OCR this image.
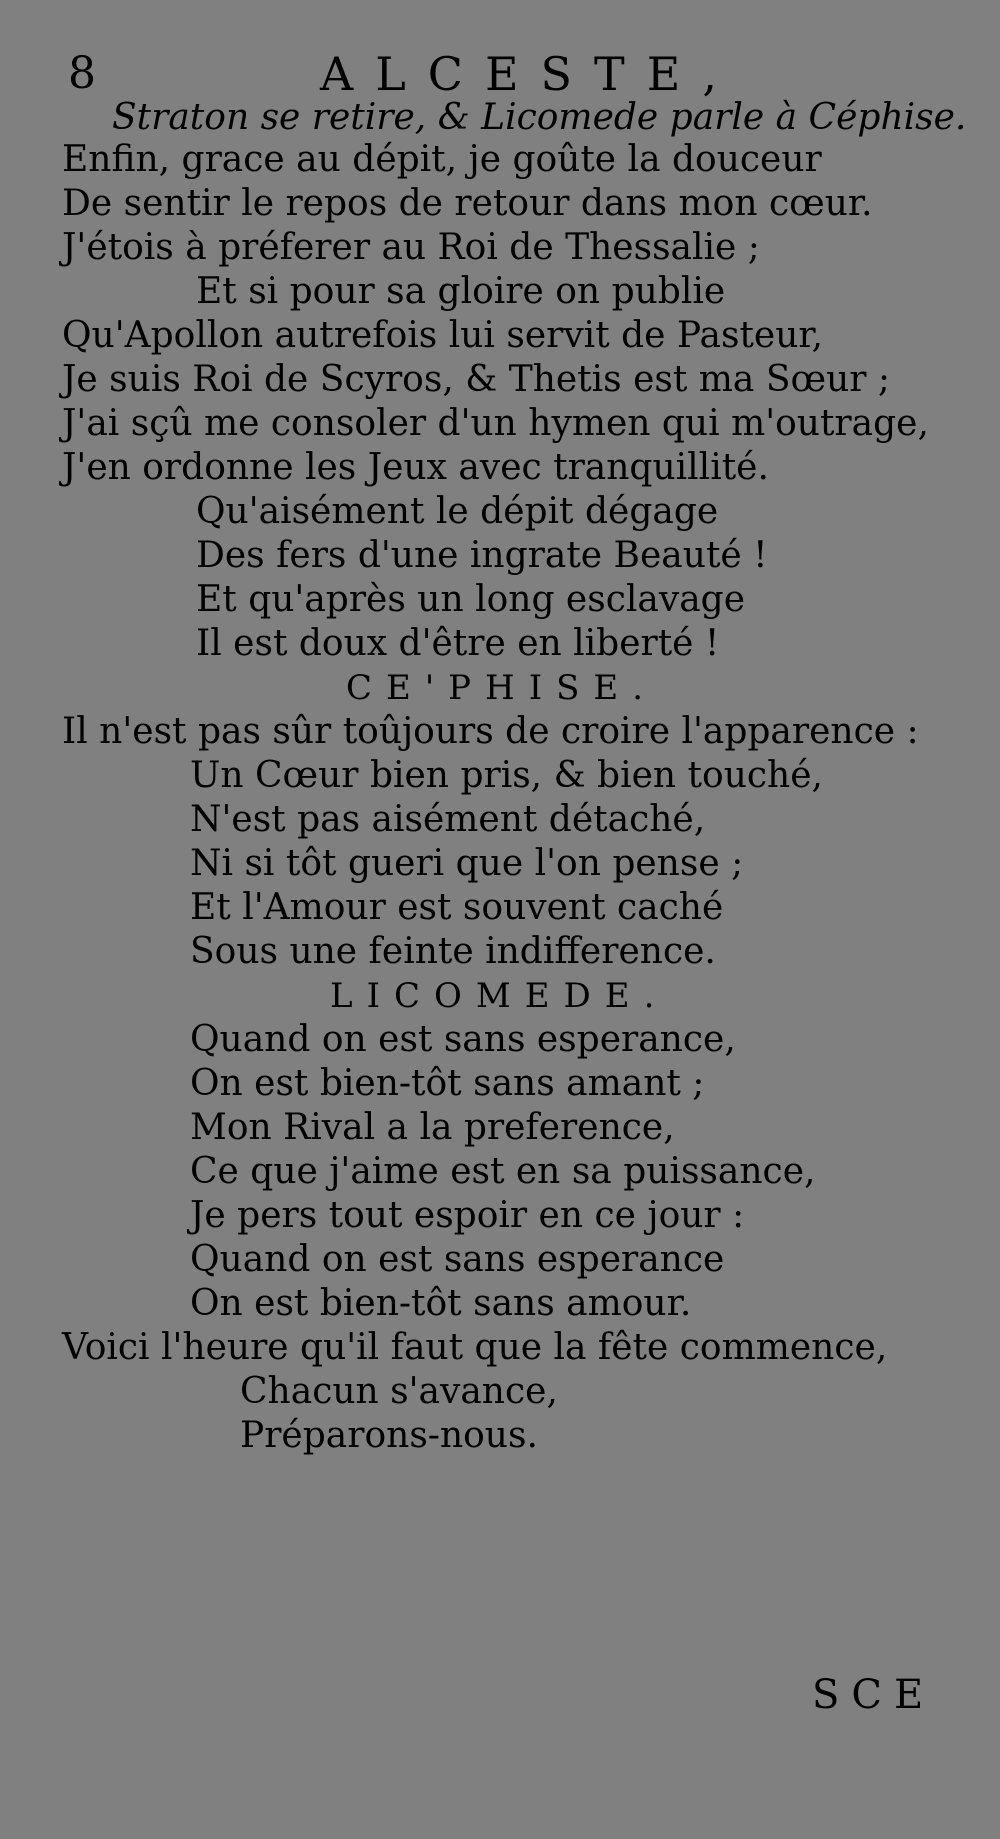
8	ALCESTE,
Straton se retire, & Licomede parle à Céphise.
Enfin, grace au dépit, je goûte la douceur
De sentir le repos de retour dans mon cœur.
J'étois à préferer au Roi de Thessalie ;
Et si pour sa gloire on publie
Qu'Apollon autrefois lui servit de Pasteur,
Je suis Roi de Scyros, & Thetis est ma Sœur ;
J'ai sçû me consoler d'un hymen qui m'outrage,
J'en ordonne les Jeux avec tranquillité.
Qu'aisément le dépit dégage
Des fers d'une ingrate Beauté !
Et qu'après un long esclavage
Il est doux d'être en liberté !
CE'PHISE.
Il n'est pas sûr toûjours de croire l'apparence :
Un Cœur bien pris, & bien touché,
N'est pas aisément détaché,
Ni si tôt gueri que l'on pense ;
Et l'Amour est souvent caché
Sous une feinte indifference.
LICOMEDE.
Quand on est sans esperance,
On est bien-tôt sans amant ;
Mon Rival a la preference,
Ce que j'aime est en sa puissance,
Je pers tout espoir en ce jour :
Quand on est sans esperance
On est bien-tôt sans amour.
Voici l'heure qu'il faut que la fête commence,
Chacun s'avance,
Préparons-nous.
SCE
